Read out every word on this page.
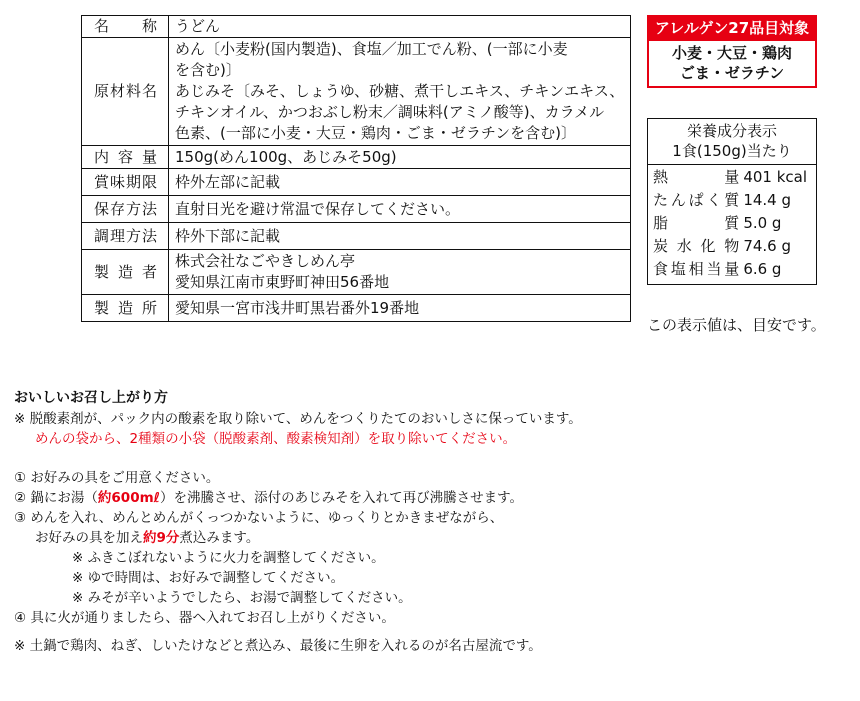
名　称	うどん
原材料名	めん〔小麦粉(国内製造)、食塩／加工でん粉、(一部に小麦
を含む)〕
あじみそ〔みそ、しょうゆ、砂糖、煮干しエキス、チキンエキス、
チキンオイル、かつおぶし粉末／調味料(アミノ酸等)、カラメル
色素、(一部に小麦・大豆・鶏肉・ごま・ゼラチンを含む)〕

内容量	150g(めん100g、あじみそ50g)
賞味期限	枠外左部に記載
保存方法	直射日光を避け常温で保存してください。
調理方法	枠外下部に記載
製造者	株式会社なごやきしめん亭
愛知県江南市東野町神田56番地

製造所	愛知県一宮市浅井町黒岩番外19番地
アレルゲン27品目対象
小麦・大豆・鶏肉
ごま・ゼラチン
栄養成分表示
1食(150g)当たり
熱量 401 kcal
たんぱく質 14.4 g
脂質 5.0 g
炭水化物 74.6 g
食塩相当量 6.6 g
この表示値は、目安です。
おいしいお召し上がり方
※ 脱酸素剤が、パック内の酸素を取り除いて、めんをつくりたてのおいしさに保っています。
めんの袋から、2種類の小袋（脱酸素剤、酸素検知剤）を取り除いてください。
① お好みの具をご用意ください。
② 鍋にお湯（約600mℓ）を沸騰させ、添付のあじみそを入れて再び沸騰させます。
③ めんを入れ、めんとめんがくっつかないように、ゆっくりとかきまぜながら、
お好みの具を加え約9分煮込みます。
※ ふきこぼれないように火力を調整してください。
※ ゆで時間は、お好みで調整してください。
※ みそが辛いようでしたら、お湯で調整してください。
④ 具に火が通りましたら、器へ入れてお召し上がりください。
※ 土鍋で鶏肉、ねぎ、しいたけなどと煮込み、最後に生卵を入れるのが名古屋流です。
